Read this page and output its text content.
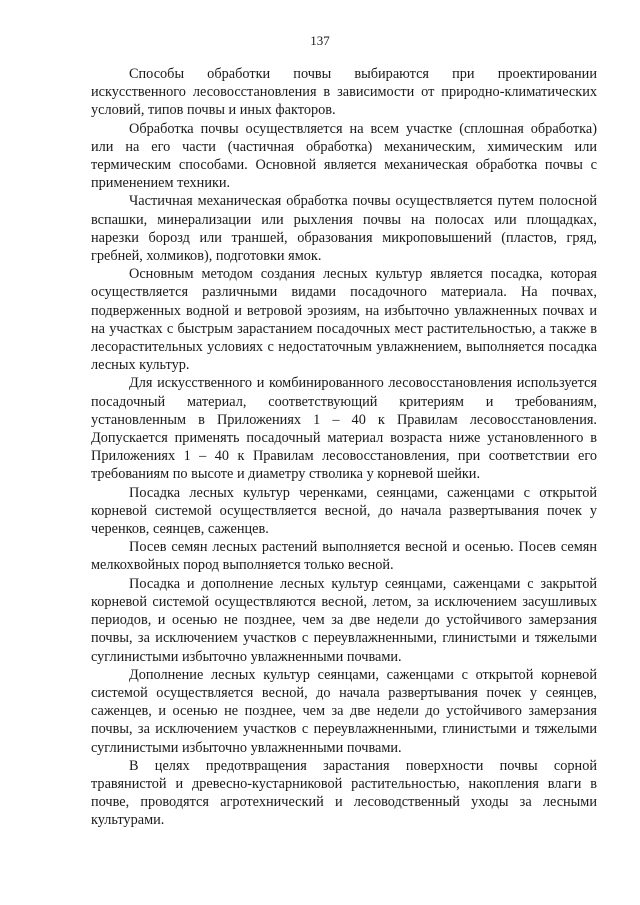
137

Способы обработки почвы выбираются при проектировании искусственного лесовосстановления в зависимости от природно-климатических условий, типов почвы и иных факторов.

Обработка почвы осуществляется на всем участке (сплошная обработка) или на его части (частичная обработка) механическим, химическим или термическим способами. Основной является механическая обработка почвы с применением техники.

Частичная механическая обработка почвы осуществляется путем полосной вспашки, минерализации или рыхления почвы на полосах или площадках, нарезки борозд или траншей, образования микроповышений (пластов, гряд, гребней, холмиков), подготовки ямок.

Основным методом создания лесных культур является посадка, которая осуществляется различными видами посадочного материала. На почвах, подверженных водной и ветровой эрозиям, на избыточно увлажненных почвах и на участках с быстрым зарастанием посадочных мест растительностью, а также в лесорастительных условиях с недостаточным увлажнением, выполняется посадка лесных культур.

Для искусственного и комбинированного лесовосстановления используется посадочный материал, соответствующий критериям и требованиям, установленным в Приложениях 1 – 40 к Правилам лесовосстановления. Допускается применять посадочный материал возраста ниже установленного в Приложениях 1 – 40 к Правилам лесовосстановления, при соответствии его требованиям по высоте и диаметру стволика у корневой шейки.

Посадка лесных культур черенками, сеянцами, саженцами с открытой корневой системой осуществляется весной, до начала развертывания почек у черенков, сеянцев, саженцев.

Посев семян лесных растений выполняется весной и осенью. Посев семян мелкохвойных пород выполняется только весной.

Посадка и дополнение лесных культур сеянцами, саженцами с закрытой корневой системой осуществляются весной, летом, за исключением засушливых периодов, и осенью не позднее, чем за две недели до устойчивого замерзания почвы, за исключением участков с переувлажненными, глинистыми и тяжелыми суглинистыми избыточно увлажненными почвами.

Дополнение лесных культур сеянцами, саженцами с открытой корневой системой осуществляется весной, до начала развертывания почек у сеянцев, саженцев, и осенью не позднее, чем за две недели до устойчивого замерзания почвы, за исключением участков с переувлажненными, глинистыми и тяжелыми суглинистыми избыточно увлажненными почвами.

В целях предотвращения зарастания поверхности почвы сорной травянистой и древесно-кустарниковой растительностью, накопления влаги в почве, проводятся агротехнический и лесоводственный уходы за лесными культурами.
